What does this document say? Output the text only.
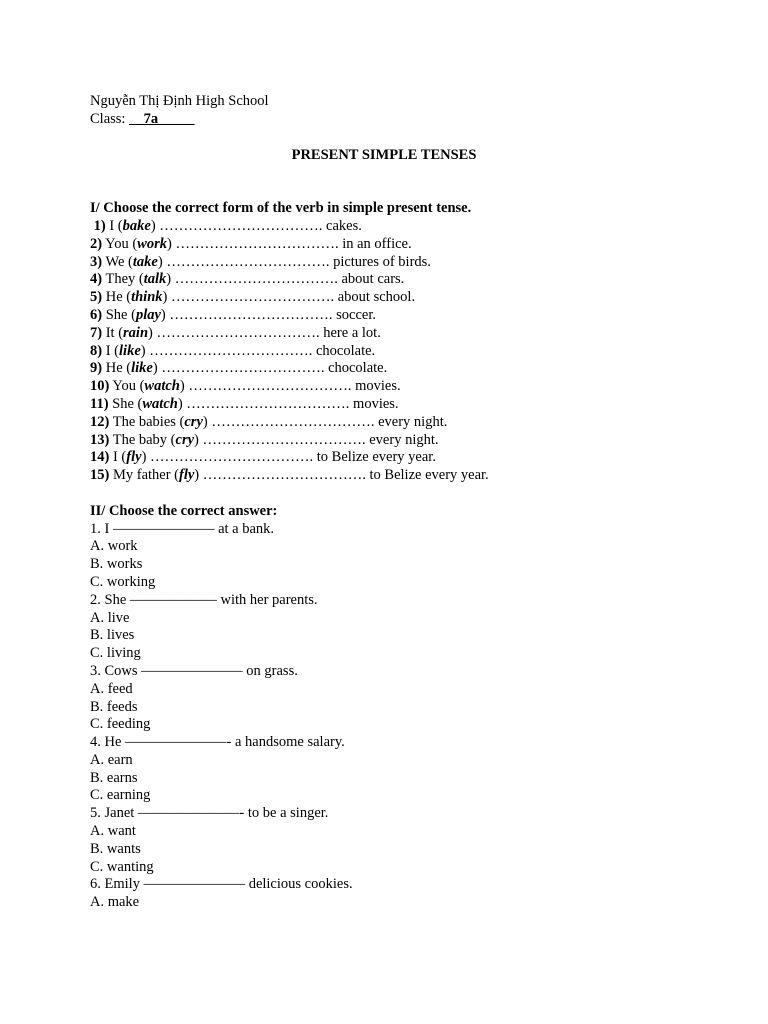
Nguyễn Thị Định High School
Class: __7a_____
PRESENT SIMPLE TENSES
I/ Choose the correct form of the verb in simple present tense.
1) I (bake) ……………………………. cakes.
2) You (work) ……………………………. in an office.
3) We (take) ……………………………. pictures of birds.
4) They (talk) ……………………………. about cars.
5) He (think) ……………………………. about school.
6) She (play) ……………………………. soccer.
7) It (rain) ……………………………. here a lot.
8) I (like) ……………………………. chocolate.
9) He (like) ……………………………. chocolate.
10) You (watch) ……………………………. movies.
11) She (watch) ……………………………. movies.
12) The babies (cry) ……………………………. every night.
13) The baby (cry) ……………………………. every night.
14) I (fly) ……………………………. to Belize every year.
15) My father (fly) ……………………………. to Belize every year.
II/ Choose the correct answer:
1. I ——————— at a bank.
A. work
B. works
C. working
2. She —————— with her parents.
A. live
B. lives
C. living
3. Cows ——————— on grass.
A. feed
B. feeds
C. feeding
4. He ———————- a handsome salary.
A. earn
B. earns
C. earning
5. Janet ———————- to be a singer.
A. want
B. wants
C. wanting
6. Emily ——————— delicious cookies.
A. make
